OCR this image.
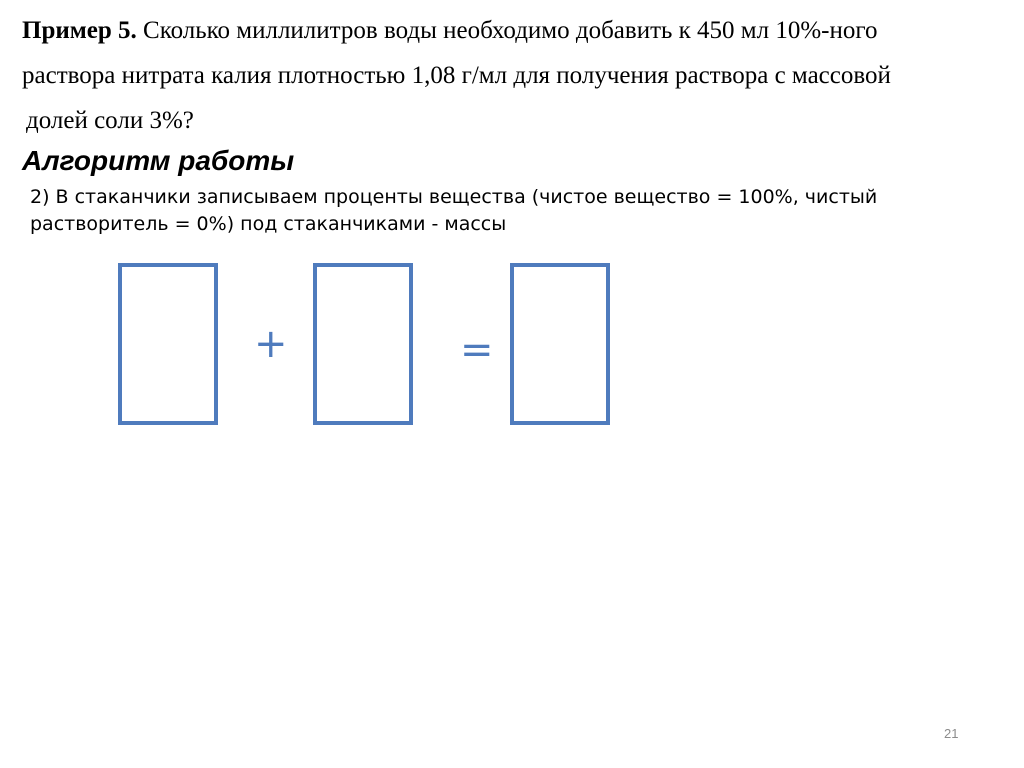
Пример 5. Сколько миллилитров воды необходимо добавить к 450 мл 10%-ного
раствора нитрата калия плотностью 1,08 г/мл для получения раствора с массовой
долей соли 3%?
Алгоритм работы
2) В стаканчики записываем проценты вещества (чистое вещество = 100%, чистый
растворитель = 0%) под стаканчиками - массы
+	=
21
